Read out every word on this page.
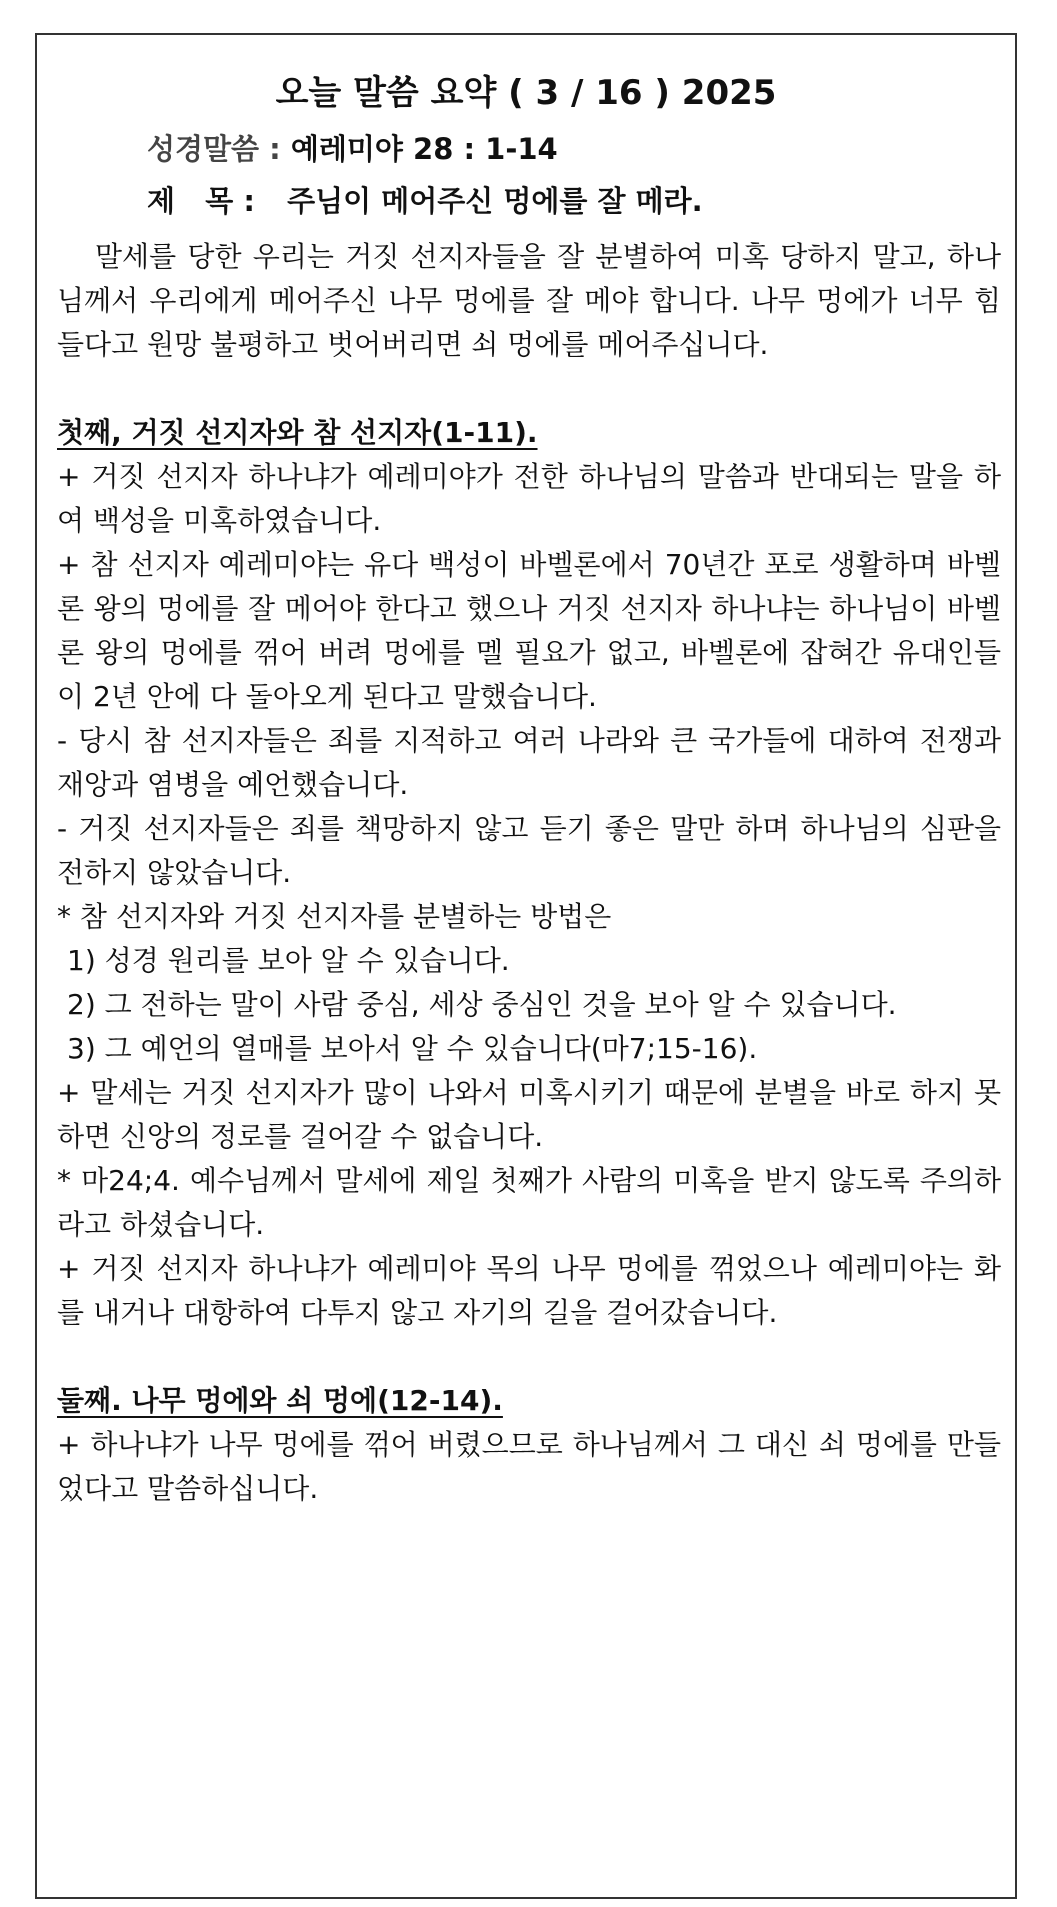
오늘 말씀 요약 ( 3 / 16 ) 2025
성경말씀 : 예레미야 28 : 1-14
제   목 : 주님이 메어주신 멍에를 잘 메라.

말세를 당한 우리는 거짓 선지자들을 잘 분별하여 미혹 당하지 말고, 하나님께서 우리에게 메어주신 나무 멍에를 잘 메야 합니다. 나무 멍에가 너무 힘들다고 원망 불평하고 벗어버리면 쇠 멍에를 메어주십니다.

첫째, 거짓 선지자와 참 선지자(1-11).

+ 거짓 선지자 하나냐가 예레미야가 전한 하나님의 말씀과 반대되는 말을 하여 백성을 미혹하였습니다.

+ 참 선지자 예레미야는 유다 백성이 바벨론에서 70년간 포로 생활하며 바벨론 왕의 멍에를 잘 메어야 한다고 했으나 거짓 선지자 하나냐는 하나님이 바벨론 왕의 멍에를 꺾어 버려 멍에를 멜 필요가 없고, 바벨론에 잡혀간 유대인들이 2년 안에 다 돌아오게 된다고 말했습니다.

- 당시 참 선지자들은 죄를 지적하고 여러 나라와 큰 국가들에 대하여 전쟁과 재앙과 염병을 예언했습니다.

- 거짓 선지자들은 죄를 책망하지 않고 듣기 좋은 말만 하며 하나님의 심판을 전하지 않았습니다.

* 참 선지자와 거짓 선지자를 분별하는 방법은

1) 성경 원리를 보아 알 수 있습니다.

2) 그 전하는 말이 사람 중심, 세상 중심인 것을 보아 알 수 있습니다.

3) 그 예언의 열매를 보아서 알 수 있습니다(마7;15-16).

+ 말세는 거짓 선지자가 많이 나와서 미혹시키기 때문에 분별을 바로 하지 못하면 신앙의 정로를 걸어갈 수 없습니다.

* 마24;4. 예수님께서 말세에 제일 첫째가 사람의 미혹을 받지 않도록 주의하라고 하셨습니다.

+ 거짓 선지자 하나냐가 예레미야 목의 나무 멍에를 꺾었으나 예레미야는 화를 내거나 대항하여 다투지 않고 자기의 길을 걸어갔습니다.

둘째. 나무 멍에와 쇠 멍에(12-14).

+ 하나냐가 나무 멍에를 꺾어 버렸으므로 하나님께서 그 대신 쇠 멍에를 만들었다고 말씀하십니다.
